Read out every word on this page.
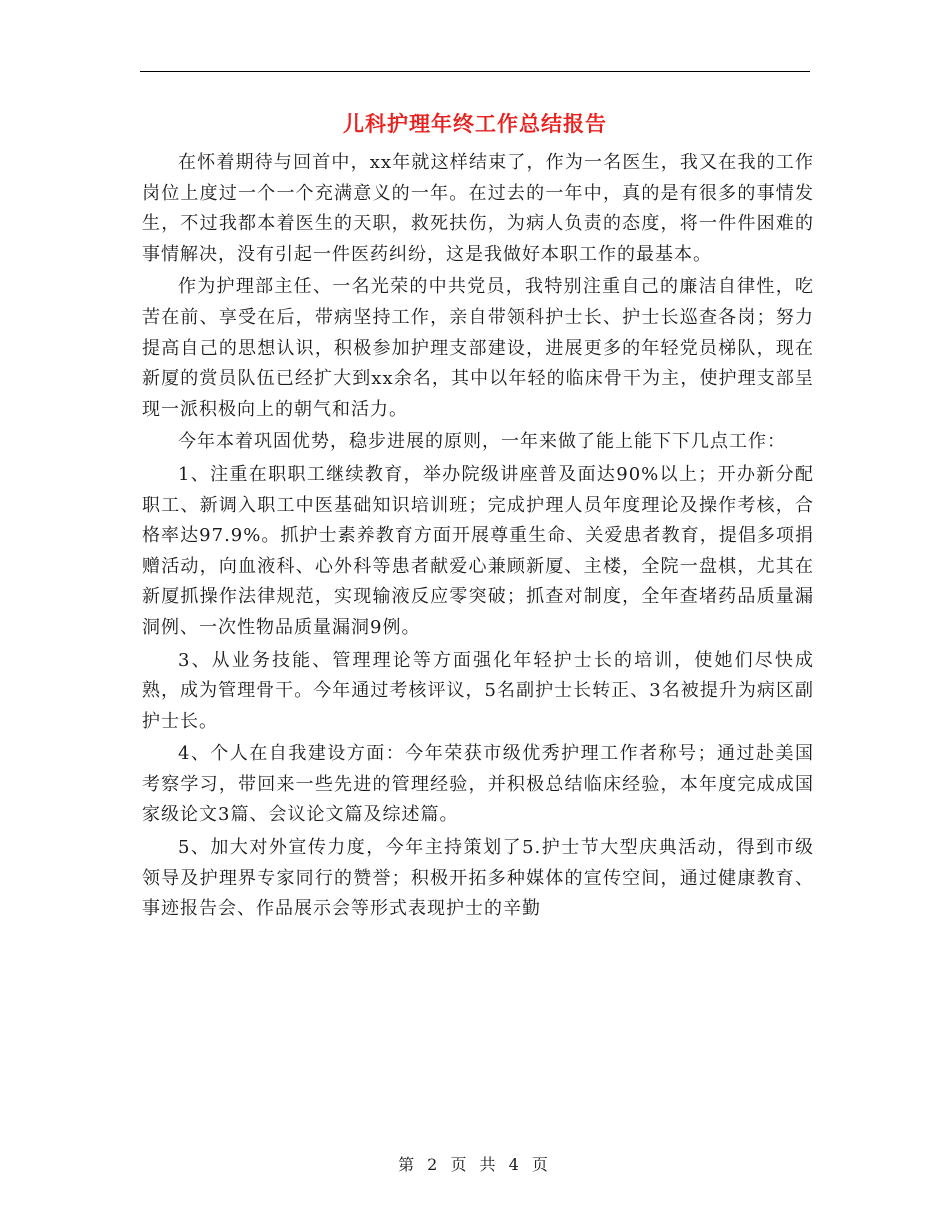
儿科护理年终工作总结报告

在怀着期待与回首中，xx年就这样结束了，作为一名医生，我又在我的工作岗位上度过一个一个充满意义的一年。在过去的一年中，真的是有很多的事情发生，不过我都本着医生的天职，救死扶伤，为病人负责的态度，将一件件困难的事情解决，没有引起一件医药纠纷，这是我做好本职工作的最基本。

作为护理部主任、一名光荣的中共党员，我特别注重自己的廉洁自律性，吃苦在前、享受在后，带病坚持工作，亲自带领科护士长、护士长巡查各岗；努力提高自己的思想认识，积极参加护理支部建设，进展更多的年轻党员梯队，现在新厦的赏员队伍已经扩大到xx余名，其中以年轻的临床骨干为主，使护理支部呈现一派积极向上的朝气和活力。

今年本着巩固优势，稳步进展的原则，一年来做了能上能下下几点工作：

1、注重在职职工继续教育，举办院级讲座普及面达90%以上；开办新分配职工、新调入职工中医基础知识培训班；完成护理人员年度理论及操作考核，合格率达97.9%。抓护士素养教育方面开展尊重生命、关爱患者教育，提倡多项捐赠活动，向血液科、心外科等患者献爱心兼顾新厦、主楼，全院一盘棋，尤其在新厦抓操作法律规范，实现输液反应零突破；抓查对制度，全年查堵药品质量漏洞例、一次性物品质量漏洞9例。

3、从业务技能、管理理论等方面强化年轻护士长的培训，使她们尽快成熟，成为管理骨干。今年通过考核评议，5名副护士长转正、3名被提升为病区副护士长。

4、个人在自我建设方面：今年荣获市级优秀护理工作者称号；通过赴美国考察学习，带回来一些先进的管理经验，并积极总结临床经验，本年度完成成国家级论文3篇、会议论文篇及综述篇。

5、加大对外宣传力度，今年主持策划了5.护士节大型庆典活动，得到市级领导及护理界专家同行的赞誉；积极开拓多种媒体的宣传空间，通过健康教育、事迹报告会、作品展示会等形式表现护士的辛勤

第 2 页 共 4 页
